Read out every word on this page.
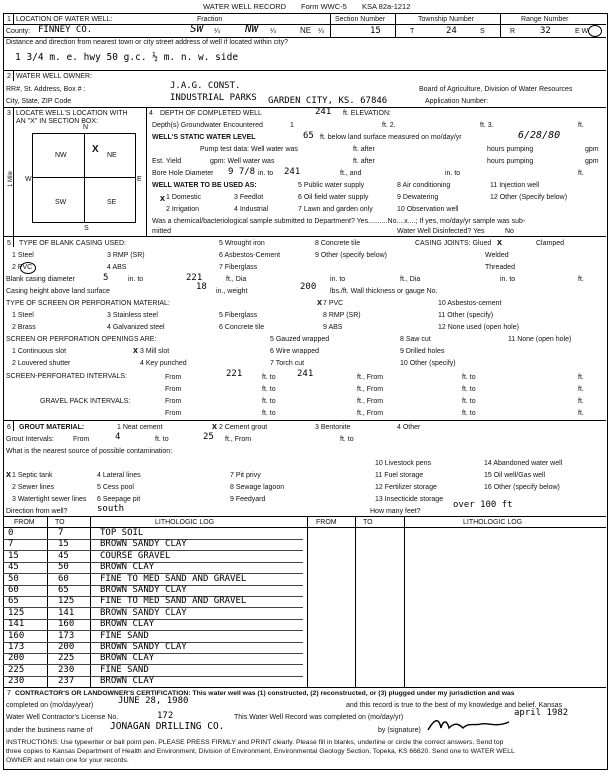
WATER WELL RECORD Form WWC-5 KSA 82a-1212
1 LOCATION OF WATER WELL:	Fraction	Section Number	Township Number	Range Number
County: FINNEY CO.	SW ¼ NW ¼	NE ¼	15	T	24	S	R	32	E W
Distance and direction from nearest town or city street address of well if located within city?
1 3/4 m. e. hwy 50 g.c. ½ m. n. w. side
2 WATER WELL OWNER:
RR#, St. Address, Box # :	J.A.G. CONST.
INDUSTRIAL PARKS GARDEN CITY, KS. 67846
Board of Agriculture, Division of Water Resources
City, State, ZIP Code	Application Number:
3 LOCATE WELL'S LOCATION WITH
AN "X" IN SECTION BOX:
N
W	E
S
1 Mile
NW	NE
SW	SE
X
4 DEPTH OF COMPLETED WELL	241 ft. ELEVATION:
Depth(s) Groundwater Encountered	1	ft. 2.	ft. 3.	ft.
WELL'S STATIC WATER LEVEL	65 ft. below land surface measured on mo/day/yr	6/28/80
Pump test data: Well water was	ft. after	hours pumping	gpm
Est. Yield	gpm: Well water was	ft. after	hours pumping	gpm
Bore Hole Diameter 9 7/8 in. to 241	ft., and	in. to	ft.
WELL WATER TO BE USED AS:	5 Public water supply	8 Air conditioning	11 Injection well
x 1 Domestic	3 Feedlot	6 Oil field water supply	9 Dewatering	12 Other (Specify below)
2 Irrigation	4 Industrial	7 Lawn and garden only	10 Observation well
Was a chemical/bacteriological sample submitted to Department? Yes..........No....x....; If yes, mo/day/yr sample was sub-
mitted	Water Well Disinfected? Yes	No
5 TYPE OF BLANK CASING USED:	5 Wrought iron	8 Concrete tile	CASING JOINTS: Glued x	Clamped
1 Steel	3 RMP (SR)	6 Asbestos-Cement	9 Other (specify below)	Welded
2 PVC	4 ABS	7 Fiberglass	Threaded
Blank casing diameter	5	in. to	221	ft., Dia
18	200
in. to	ft., Dia	in. to	ft.
Casing height above land surface	in., weight	lbs./ft. Wall thickness or gauge No.
TYPE OF SCREEN OR PERFORATION MATERIAL:	x 7 PVC	10 Asbestos-cement
1 Steel	3 Stainless steel	5 Fiberglass	8 RMP (SR)	11 Other (specify)
2 Brass	4 Galvanized steel	6 Concrete tile	9 ABS	12 None used (open hole)
SCREEN OR PERFORATION OPENINGS ARE:	5 Gauzed wrapped	8 Saw cut	11 None (open hole)
1 Continuous slot	x 3 Mill slot	6 Wire wrapped	9 Drilled holes
2 Louvered shutter	4 Key punched	7 Torch cut	10 Other (specify)
SCREEN-PERFORATED INTERVALS:	From	221	ft. to 241	ft., From	ft. to	ft.
From	ft. to	ft., From	ft. to	ft.
GRAVEL PACK INTERVALS:	From	ft. to	ft., From	ft. to	ft.
From	ft. to	ft., From	ft. to	ft.
6 GROUT MATERIAL:	1 Neat cement	x 2 Cement grout	3 Bentonite	4 Other
Grout Intervals:	From	4	ft. to	25 ft., From	ft. to
What is the nearest source of possible contamination:
10 Livestock pens	14 Abandoned water well
x 1 Septic tank	4 Lateral lines	7 Pit privy	11 Fuel storage	15 Oil well/Gas well
2 Sewer lines	5 Cess pool	8 Sewage lagoon	12 Fertilizer storage	16 Other (specify below)
3 Watertight sewer lines 6 Seepage pit	9 Feedyard	13 Insecticide storage
Direction from well?	south	How many feet?
over 100 ft
FROM	TO	LITHOLOGIC LOG	FROM	TO	LITHOLOGIC LOG
0	7	TOP SOIL
7	15	BROWN SANDY CLAY
15	45	COURSE GRAVEL
45	50	BROWN CLAY
50	60	FINE TO MED SAND AND GRAVEL
60	65	BROWN SANDY CLAY
65	125	FINE TO MED SAND AND GRAVEL
125	141	BROWN SANDY CLAY
141	160	BROWN CLAY
160	173	FINE SAND
173	200	BROWN SANDY CLAY
200	225	BROWN CLAY
225	230	FINE SAND
230	237	BROWN CLAY
7 CONTRACTOR'S OR LANDOWNER'S CERTIFICATION: This water well was (1) constructed, (2) reconstructed, or (3) plugged under my jurisdiction and was
completed on (mo/day/year)	JUNE 28, 1980	and this record is true to the best of my knowledge and belief. Kansas
Water Well Contractor's License No.	172	This Water Well Record was completed on (mo/day/yr)	april 1982
under the business name of JONAGAN DRILLING CO.	by (signature)
INSTRUCTIONS: Use typewriter or ball point pen. PLEASE PRESS FIRMLY and PRINT clearly. Please fill in blanks, underline or circle the correct answers. Send top
three copies to Kansas Department of Health and Environment, Division of Environment, Environmental Geology Section, Topeka, KS 66620. Send one to WATER WELL
OWNER and retain one for your records.
